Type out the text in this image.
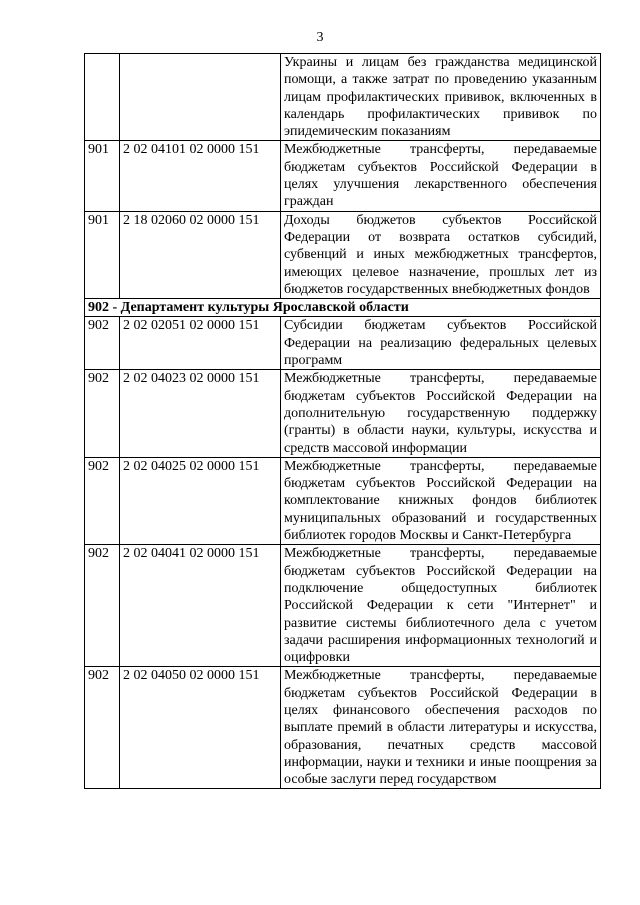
3
		Украины и лицам без гражданства медицинской помощи, а также затрат по проведению указанным лицам профилактических прививок, включенных в календарь профилактических прививок по эпидемическим показаниям
901	2 02 04101 02 0000 151	Межбюджетные трансферты, передаваемые бюджетам субъектов Российской Федерации в целях улучшения лекарственного обеспечения граждан
901	2 18 02060 02 0000 151	Доходы бюджетов субъектов Российской Федерации от возврата остатков субсидий, субвенций и иных межбюджетных трансфертов, имеющих целевое назначение, прошлых лет из бюджетов государственных внебюджетных фондов
902 - Департамент культуры Ярославской области		
902	2 02 02051 02 0000 151	Субсидии бюджетам субъектов Российской Федерации на реализацию федеральных целевых программ
902	2 02 04023 02 0000 151	Межбюджетные трансферты, передаваемые бюджетам субъектов Российской Федерации на дополнительную государственную поддержку (гранты) в области науки, культуры, искусства и средств массовой информации
902	2 02 04025 02 0000 151	Межбюджетные трансферты, передаваемые бюджетам субъектов Российской Федерации на комплектование книжных фондов библиотек муниципальных образований и государственных библиотек городов Москвы и Санкт-Петербурга
902	2 02 04041 02 0000 151	Межбюджетные трансферты, передаваемые бюджетам субъектов Российской Федерации на подключение общедоступных библиотек Российской Федерации к сети "Интернет" и развитие системы библиотечного дела с учетом задачи расширения информационных технологий и оцифровки
902	2 02 04050 02 0000 151	Межбюджетные трансферты, передаваемые бюджетам субъектов Российской Федерации в целях финансового обеспечения расходов по выплате премий в области литературы и искусства, образования, печатных средств массовой информации, науки и техники и иные поощрения за особые заслуги перед государством
